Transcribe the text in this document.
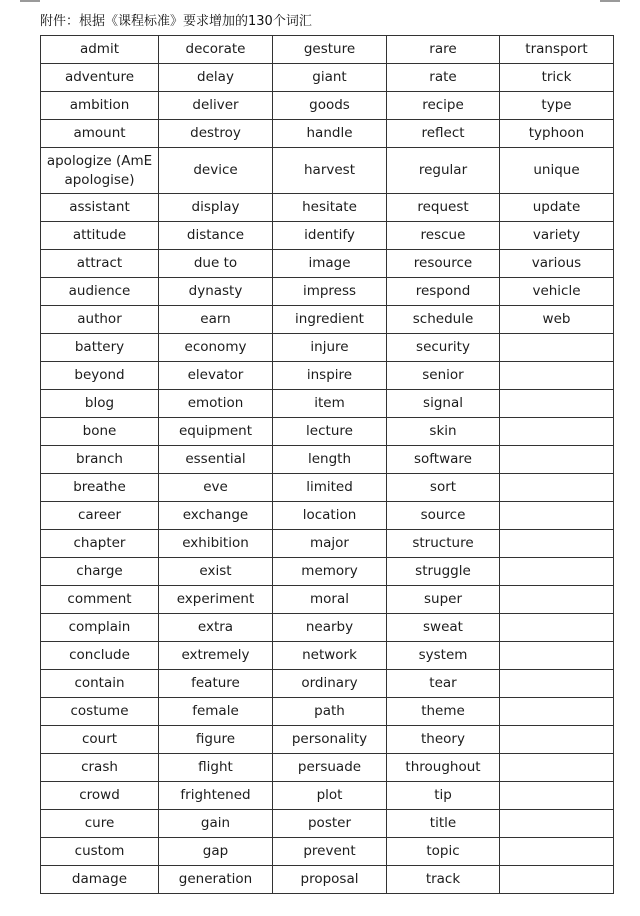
附件：根据《课程标准》要求增加的130个词汇
admit	decorate	gesture	rare	transport
adventure	delay	giant	rate	trick
ambition	deliver	goods	recipe	type
amount	destroy	handle	reflect	typhoon
apologize (AmE apologise)	device	harvest	regular	unique
assistant	display	hesitate	request	update
attitude	distance	identify	rescue	variety
attract	due to	image	resource	various
audience	dynasty	impress	respond	vehicle
author	earn	ingredient	schedule	web
battery	economy	injure	security	
beyond	elevator	inspire	senior	
blog	emotion	item	signal	
bone	equipment	lecture	skin	
branch	essential	length	software	
breathe	eve	limited	sort	
career	exchange	location	source	
chapter	exhibition	major	structure	
charge	exist	memory	struggle	
comment	experiment	moral	super	
complain	extra	nearby	sweat	
conclude	extremely	network	system	
contain	feature	ordinary	tear	
costume	female	path	theme	
court	figure	personality	theory	
crash	flight	persuade	throughout	
crowd	frightened	plot	tip	
cure	gain	poster	title	
custom	gap	prevent	topic	
damage	generation	proposal	track	
